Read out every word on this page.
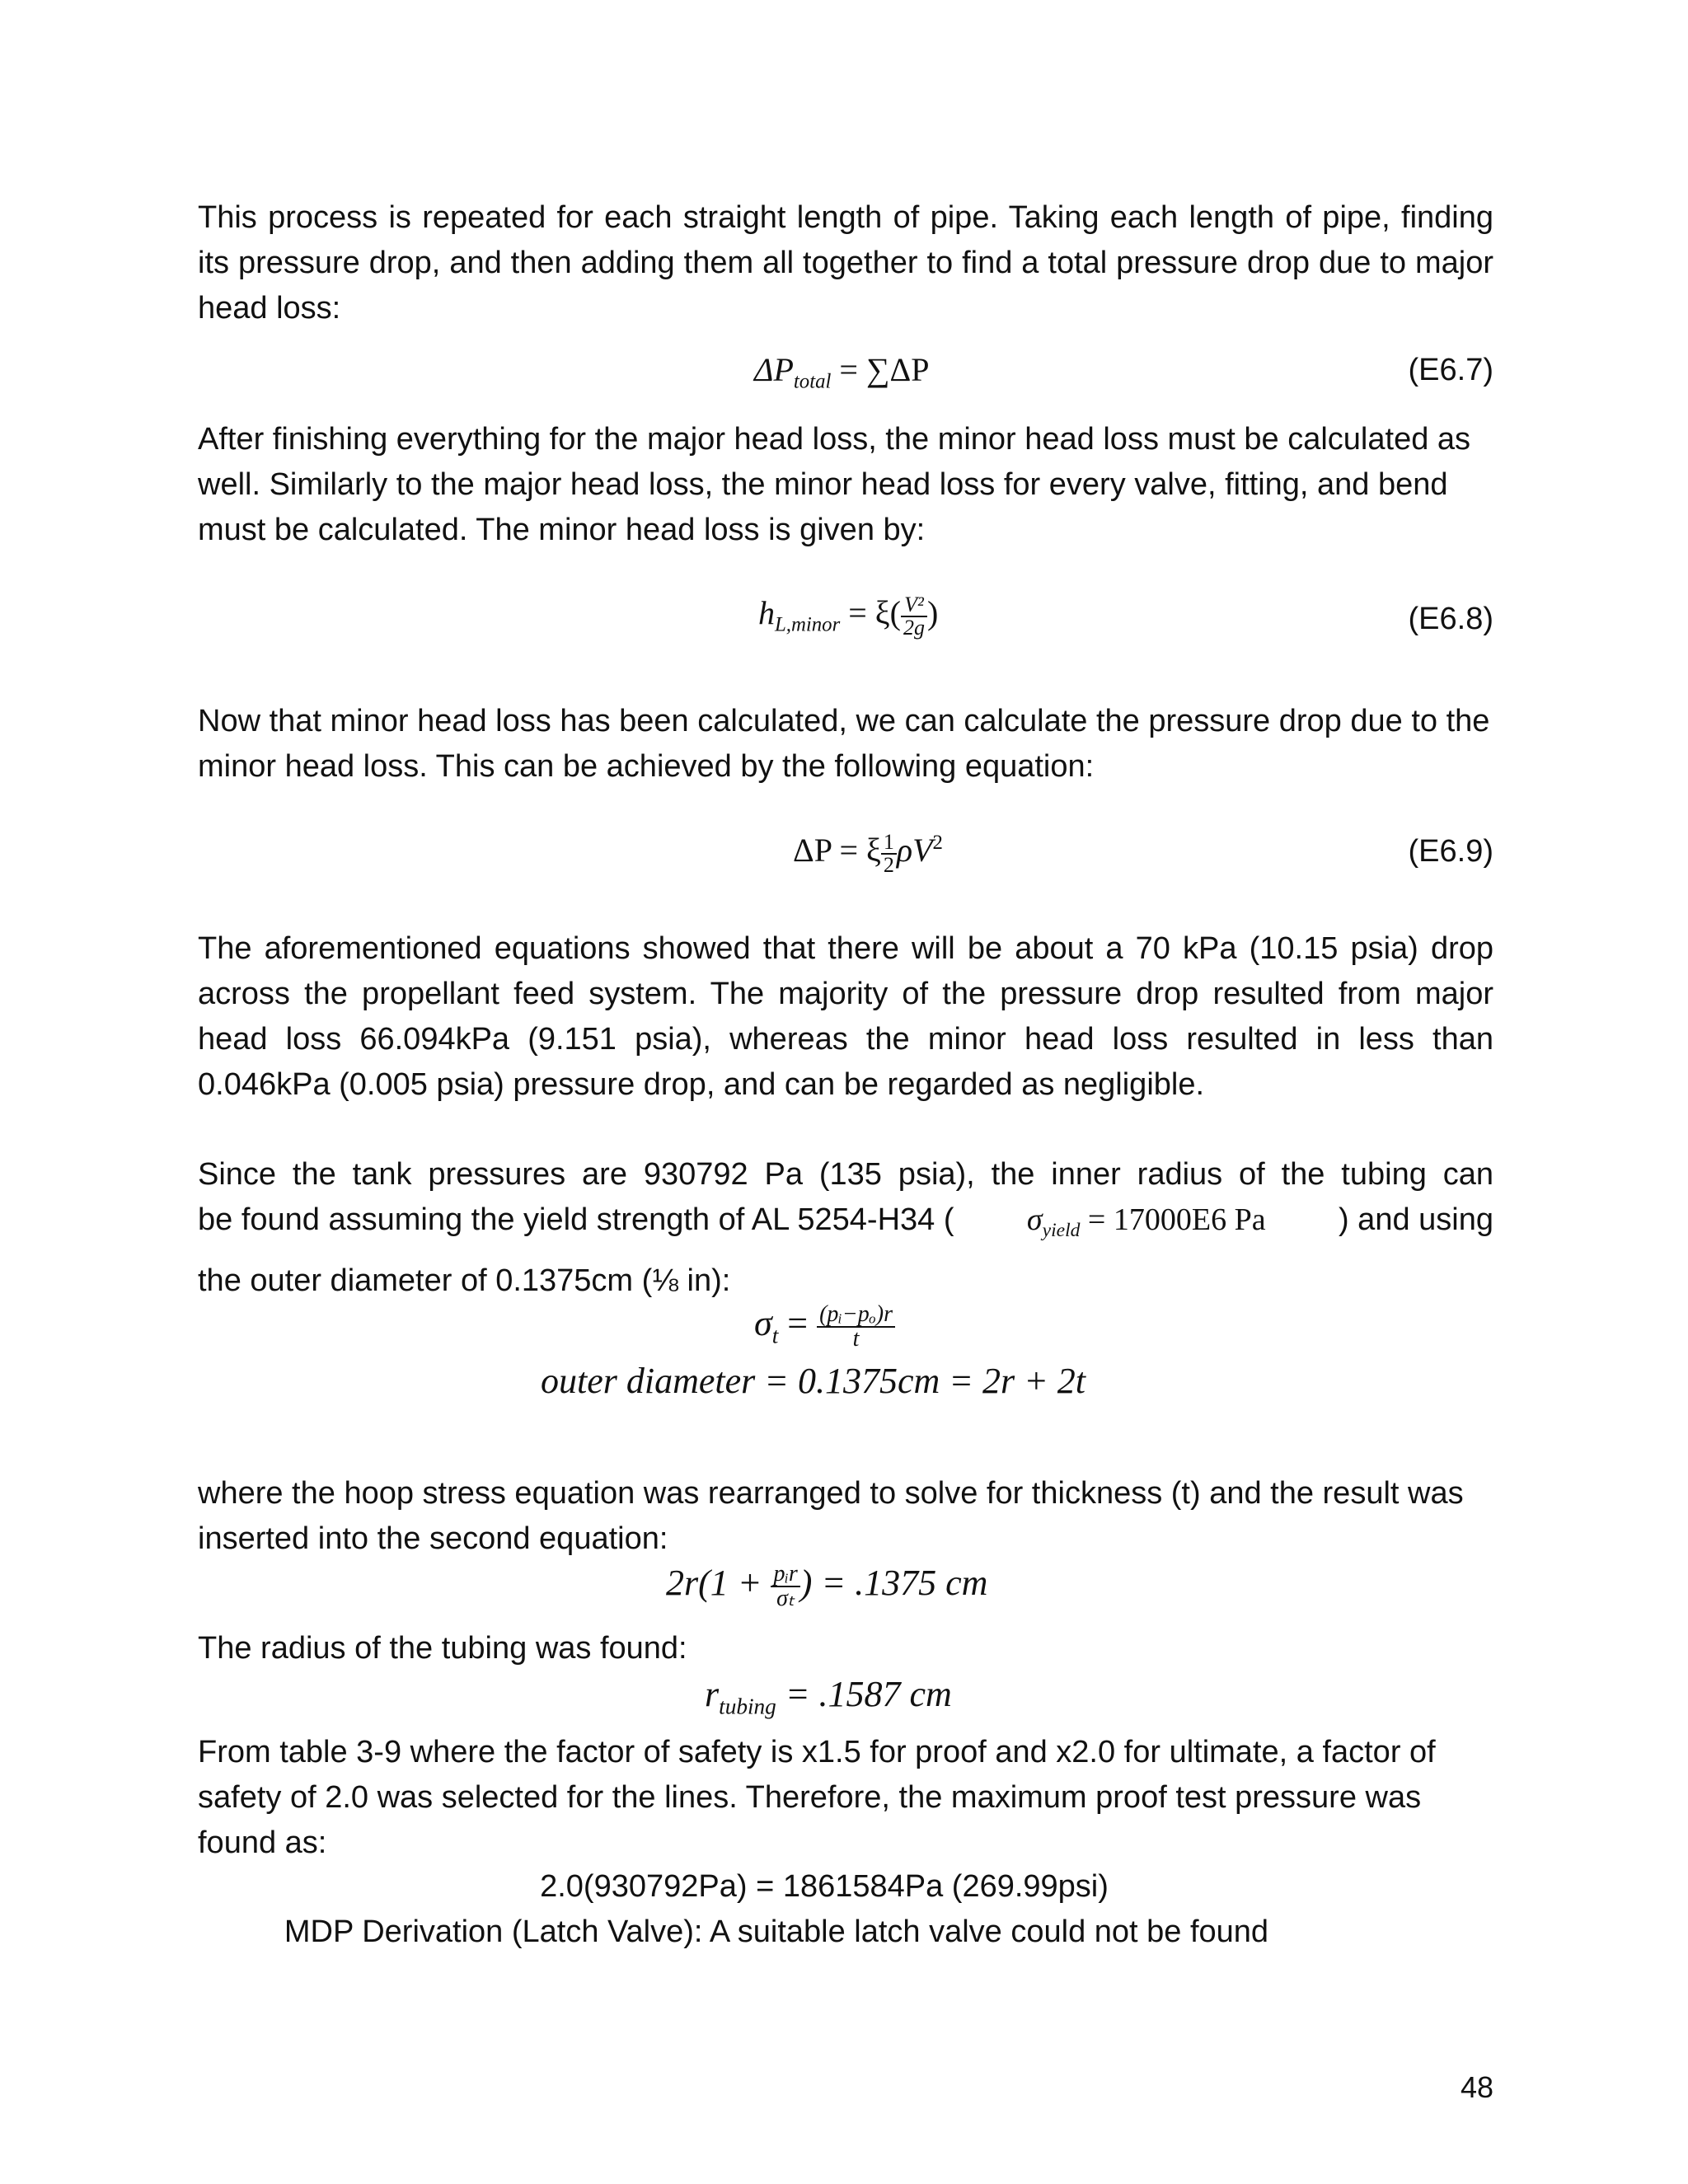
This process is repeated for each straight length of pipe. Taking each length of pipe, finding its pressure drop, and then adding them all together to find a total pressure drop due to major head loss:

$\Delta P_{total} = \sum\Delta P$	(E6.7)

After finishing everything for the major head loss, the minor head loss must be calculated as well. Similarly to the major head loss, the minor head loss for every valve, fitting, and bend must be calculated. The minor head loss is given by:

$h_{L,minor} = \xi( \frac{\text{V²}}{2g}$ )	(E6.8)

Now that minor head loss has been calculated, we can calculate the pressure drop due to the minor head loss. This can be achieved by the following equation:

ΔP = ξ $\frac{1}{2} \rho V^2$	(E6.9)

The aforementioned equations showed that there will be about a 70 kPa (10.15 psia) drop across the propellant feed system. The majority of the pressure drop resulted from major head loss 66.094kPa (9.151 psia), whereas the minor head loss resulted in less than 0.046kPa (0.005 psia) pressure drop, and can be regarded as negligible.

Since the tank pressures are 930792 Pa (135 psia), the inner radius of the tubing can
be found assuming the yield strength of AL 5254-H34 ( $\sigma_{yield} = 17000E6$ Pa ) and using
the outer diameter of 0.1375cm (⅛ in):
$\sigma_t = \frac{\text{(pᵢ−pₒ)r}}{t}$
outer diameter = 0.1375cm = 2r + 2t

where the hoop stress equation was rearranged to solve for thickness (t) and the result was inserted into the second equation:

$2r(1 + \frac{\text{pᵢr}}{\text{σₜ}}$ ) = .1375 cm

The radius of the tubing was found:

$r_{tubing} = .1587$ cm

From table 3-9 where the factor of safety is x1.5 for proof and x2.0 for ultimate, a factor of safety of 2.0 was selected for the lines. Therefore, the maximum proof test pressure was found as:

2.0(930792Pa) = 1861584Pa (269.99psi)
MDP Derivation (Latch Valve): A suitable latch valve could not be found
48
